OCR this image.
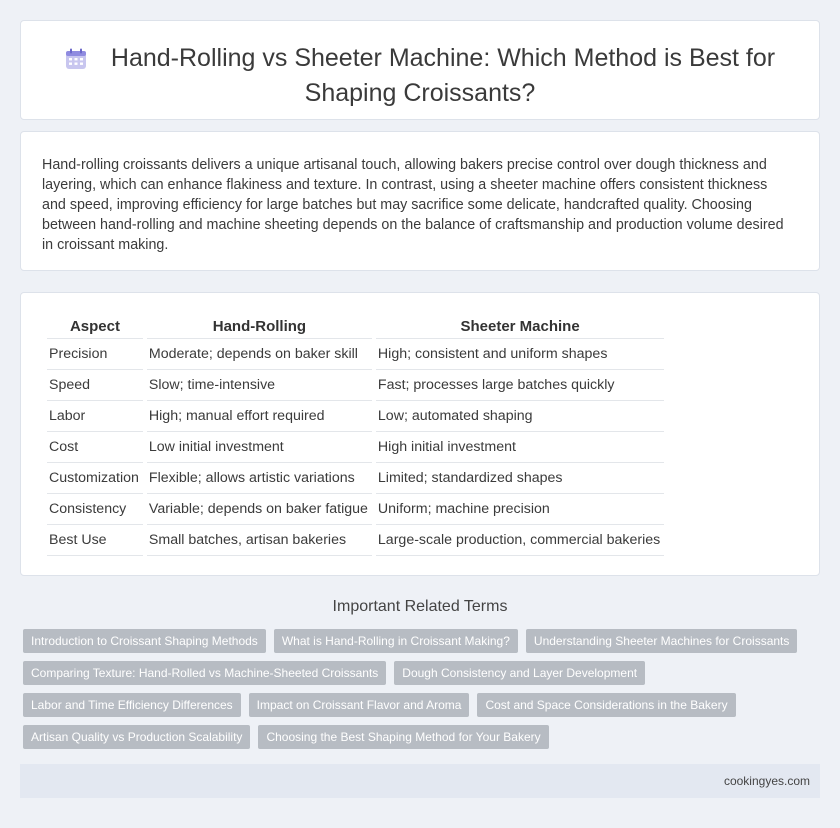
Hand-Rolling vs Sheeter Machine: Which Method is Best for Shaping Croissants?

Hand-rolling croissants delivers a unique artisanal touch, allowing bakers precise control over dough thickness and layering, which can enhance flakiness and texture. In contrast, using a sheeter machine offers consistent thickness and speed, improving efficiency for large batches but may sacrifice some delicate, handcrafted quality. Choosing between hand-rolling and machine sheeting depends on the balance of craftsmanship and production volume desired in croissant making.

Aspect	Hand-Rolling	Sheeter Machine
Precision	Moderate; depends on baker skill	High; consistent and uniform shapes
Speed	Slow; time-intensive	Fast; processes large batches quickly
Labor	High; manual effort required	Low; automated shaping
Cost	Low initial investment	High initial investment
Customization	Flexible; allows artistic variations	Limited; standardized shapes
Consistency	Variable; depends on baker fatigue	Uniform; machine precision
Best Use	Small batches, artisan bakeries	Large-scale production, commercial bakeries
Important Related Terms
Introduction to Croissant Shaping Methods	What is Hand-Rolling in Croissant Making?	Understanding Sheeter Machines for Croissants
Comparing Texture: Hand-Rolled vs Machine-Sheeted Croissants	Dough Consistency and Layer Development
Labor and Time Efficiency Differences	Impact on Croissant Flavor and Aroma	Cost and Space Considerations in the Bakery
Artisan Quality vs Production Scalability	Choosing the Best Shaping Method for Your Bakery
cookingyes.com
